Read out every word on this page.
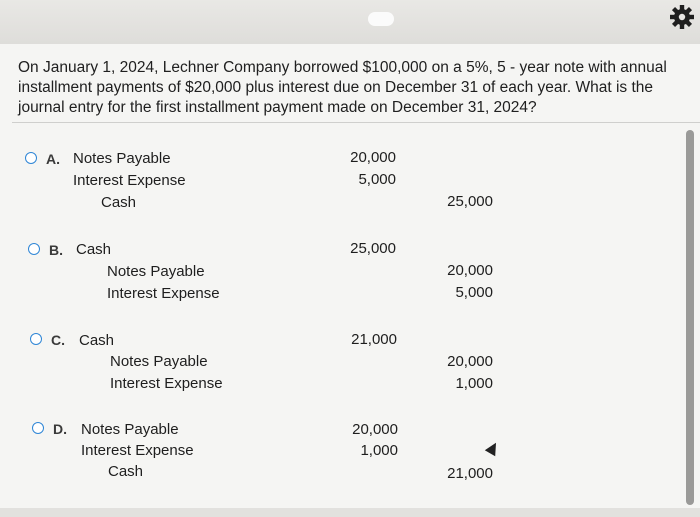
On January 1, 2024, Lechner Company borrowed $100,000 on a 5%, 5 - year note with annual installment payments of $20,000 plus interest due on December 31 of each year. What is the journal entry for the first installment payment made on December 31, 2024?
A. Notes Payable
Interest Expense
Cash
20,000
5,000
25,000
B. Cash
Notes Payable
Interest Expense
25,000
20,000
5,000
C. Cash
Notes Payable
Interest Expense
21,000
20,000
1,000
D. Notes Payable
Interest Expense
Cash
20,000
1,000
21,000
